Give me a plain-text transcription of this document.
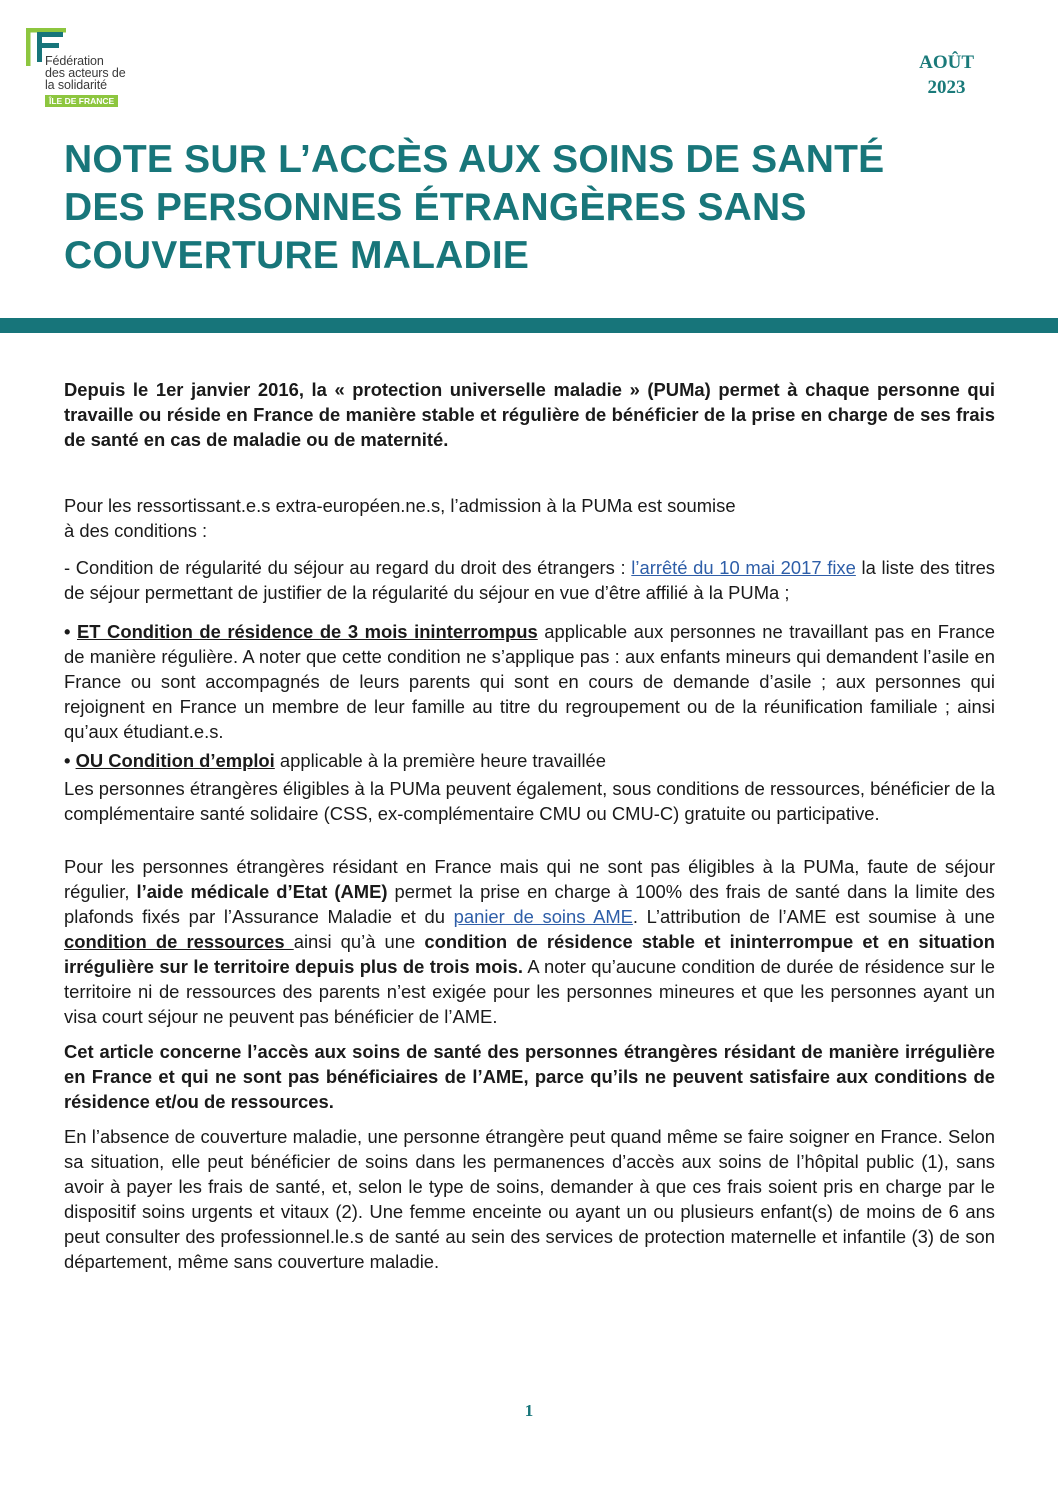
Fédération
des acteurs de
la solidarité
ÎLE DE FRANCE
AOÛT
2023
NOTE SUR L’ACCÈS AUX SOINS DE SANTÉ
DES PERSONNES ÉTRANGÈRES SANS
COUVERTURE MALADIE

Depuis le 1er janvier 2016, la « protection universelle maladie » (PUMa) permet à chaque personne qui travaille ou réside en France de manière stable et régulière de bénéficier de la prise en charge de ses frais de santé en cas de maladie ou de maternité.

Pour les ressortissant.e.s extra-européen.ne.s, l’admission à la PUMa est soumise
à des conditions :

- Condition de régularité du séjour au regard du droit des étrangers : l’arrêté du 10 mai 2017 fixe la liste des titres de séjour permettant de justifier de la régularité du séjour en vue d’être affilié à la PUMa ;

• ET Condition de résidence de 3 mois ininterrompus applicable aux personnes ne travaillant pas en France de manière régulière. A noter que cette condition ne s’applique pas : aux enfants mineurs qui demandent l’asile en France ou sont accompagnés de leurs parents qui sont en cours de demande d’asile ; aux personnes qui rejoignent en France un membre de leur famille au titre du regroupement ou de la réunification familiale ; ainsi qu’aux étudiant.e.s.

• OU Condition d’emploi applicable à la première heure travaillée

Les personnes étrangères éligibles à la PUMa peuvent également, sous conditions de ressources, bénéficier de la complémentaire santé solidaire (CSS, ex-complémentaire CMU ou CMU-C) gratuite ou participative.

Pour les personnes étrangères résidant en France mais qui ne sont pas éligibles à la PUMa, faute de séjour régulier, l’aide médicale d’Etat (AME) permet la prise en charge à 100% des frais de santé dans la limite des plafonds fixés par l’Assurance Maladie et du panier de soins AME. L’attribution de l’AME est soumise à une condition de ressources ainsi qu’à une condition de résidence stable et ininterrompue et en situation irrégulière sur le territoire depuis plus de trois mois. A noter qu’aucune condition de durée de résidence sur le territoire ni de ressources des parents n’est exigée pour les personnes mineures et que les personnes ayant un visa court séjour ne peuvent pas bénéficier de l’AME.

Cet article concerne l’accès aux soins de santé des personnes étrangères résidant de manière irrégulière en France et qui ne sont pas bénéficiaires de l’AME, parce qu’ils ne peuvent satisfaire aux conditions de résidence et/ou de ressources.

En l’absence de couverture maladie, une personne étrangère peut quand même se faire soigner en France. Selon sa situation, elle peut bénéficier de soins dans les permanences d’accès aux soins de l’hôpital public (1), sans avoir à payer les frais de santé, et, selon le type de soins, demander à que ces frais soient pris en charge par le dispositif soins urgents et vitaux (2). Une femme enceinte ou ayant un ou plusieurs enfant(s) de moins de 6 ans peut consulter des professionnel.le.s de santé au sein des services de protection maternelle et infantile (3) de son département, même sans couverture maladie.

1
